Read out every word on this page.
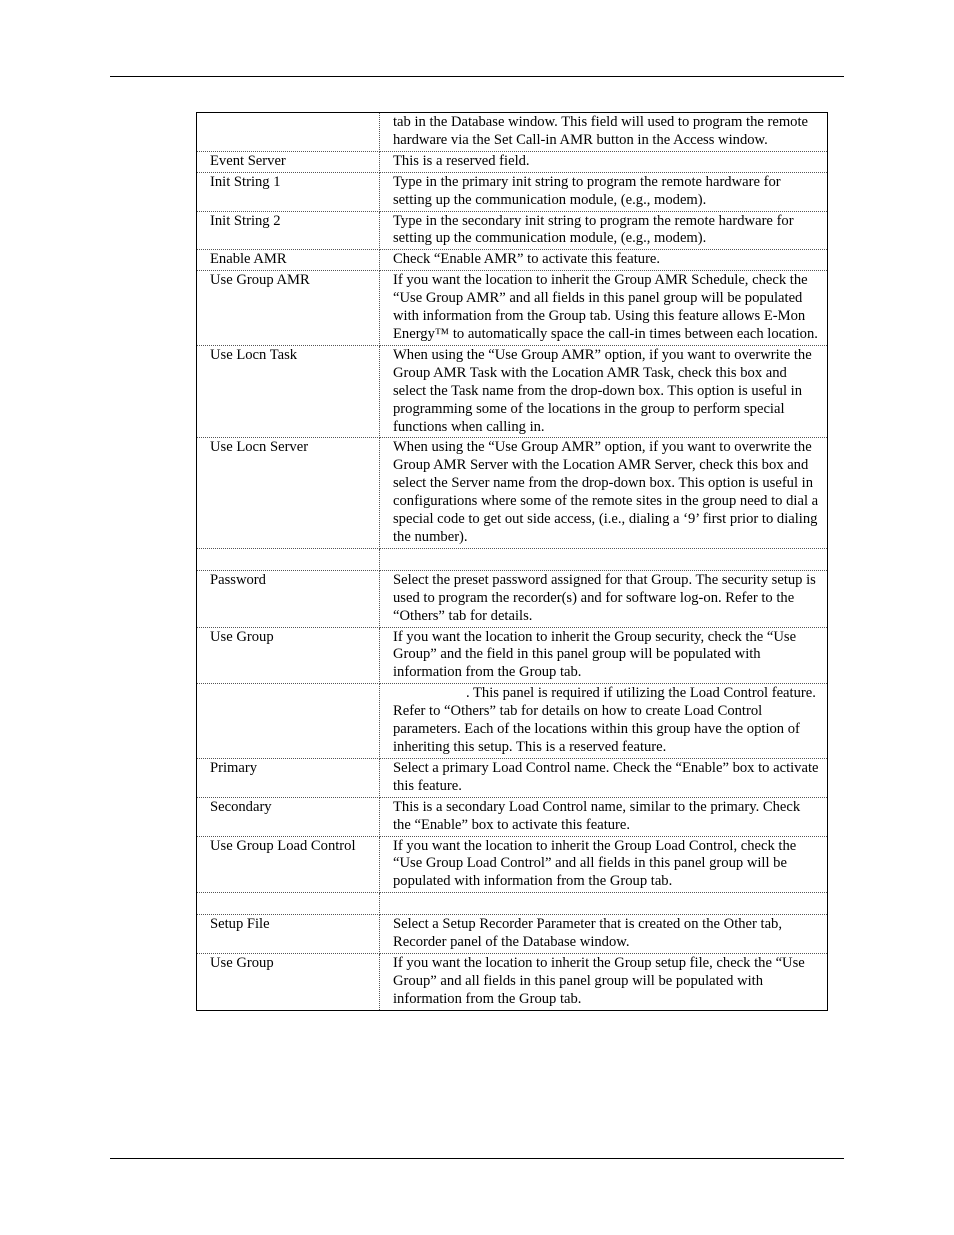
	tab in the Database window. This field will used to program the remote hardware via the Set Call-in AMR button in the Access window.
Event Server	This is a reserved field.
Init String 1	Type in the primary init string to program the remote hardware for setting up the communication module, (e.g., modem).
Init String 2	Type in the secondary init string to program the remote hardware for setting up the communication module, (e.g., modem).
Enable AMR	Check “Enable AMR” to activate this feature.
Use Group AMR	If you want the location to inherit the Group AMR Schedule, check the “Use Group AMR” and all fields in this panel group will be populated with information from the Group tab. Using this feature allows E-Mon Energy™ to automatically space the call-in times between each location.
Use Locn Task	When using the “Use Group AMR” option, if you want to overwrite the Group AMR Task with the Location AMR Task, check this box and select the Task name from the drop-down box. This option is useful in programming some of the locations in the group to perform special functions when calling in.
Use Locn Server	When using the “Use Group AMR” option, if you want to overwrite the Group AMR Server with the Location AMR Server, check this box and select the Server name from the drop-down box. This option is useful in configurations where some of the remote sites in the group need to dial a special code to get out side access, (i.e., dialing a ‘9’ first prior to dialing the number).

Password	Select the preset password assigned for that Group. The security setup is used to program the recorder(s) and for software log-on. Refer to the “Others” tab for details.
Use Group	If you want the location to inherit the Group security, check the “Use Group” and the field in this panel group will be populated with information from the Group tab.
	. This panel is required if utilizing the Load Control feature. Refer to “Others” tab for details on how to create Load Control parameters. Each of the locations within this group have the option of inheriting this setup. This is a reserved feature.
Primary	Select a primary Load Control name. Check the “Enable” box to activate this feature.
Secondary	This is a secondary Load Control name, similar to the primary. Check the “Enable” box to activate this feature.
Use Group Load Control	If you want the location to inherit the Group Load Control, check the “Use Group Load Control” and all fields in this panel group will be populated with information from the Group tab.

Setup File	Select a Setup Recorder Parameter that is created on the Other tab, Recorder panel of the Database window.
Use Group	If you want the location to inherit the Group setup file, check the “Use Group” and all fields in this panel group will be populated with information from the Group tab.
